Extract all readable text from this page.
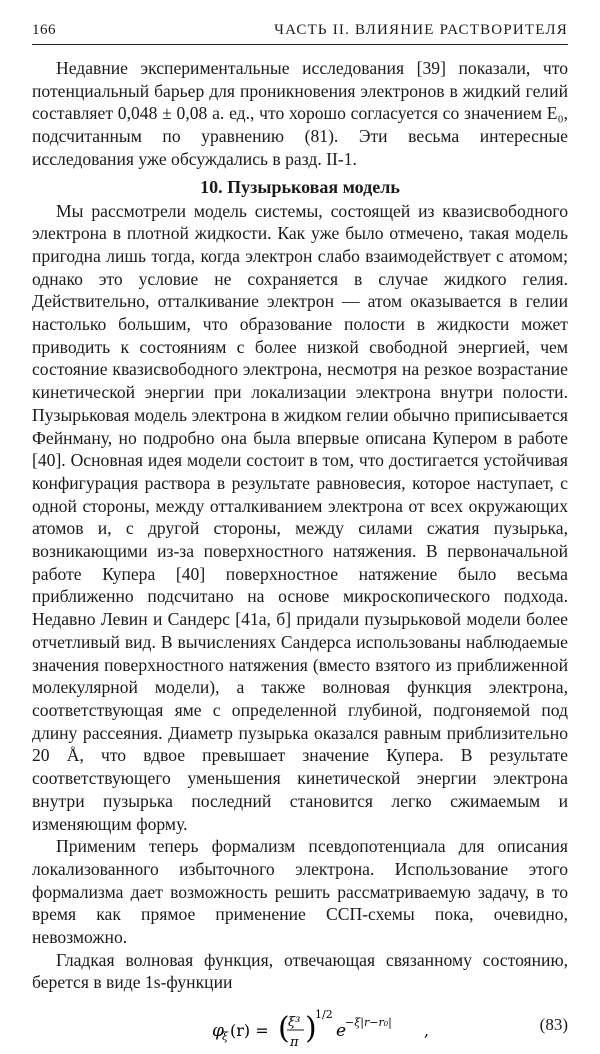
166	ЧАСТЬ II. ВЛИЯНИЕ РАСТВОРИТЕЛЯ

Недавние экспериментальные исследования [39] показали, что потенциальный барьер для проникновения электронов в жидкий гелий составляет 0,048 ± 0,08 а. ед., что хорошо согласуется со значением E₀, подсчитанным по уравнению (81). Эти весьма интересные исследования уже обсуждались в разд. II-1.

10. Пузырьковая модель

Мы рассмотрели модель системы, состоящей из квазисвободного электрона в плотной жидкости. Как уже было отмечено, такая модель пригодна лишь тогда, когда электрон слабо взаимодействует с атомом; однако это условие не сохраняется в случае жидкого гелия. Действительно, отталкивание электрон — атом оказывается в гелии настолько большим, что образование полости в жидкости может приводить к состояниям с более низкой свободной энергией, чем состояние квазисвободного электрона, несмотря на резкое возрастание кинетической энергии при локализации электрона внутри полости. Пузырьковая модель электрона в жидком гелии обычно приписывается Фейнману, но подробно она была впервые описана Купером в работе [40]. Основная идея модели состоит в том, что достигается устойчивая конфигурация раствора в результате равновесия, которое наступает, с одной стороны, между отталкиванием электрона от всех окружающих атомов и, с другой стороны, между силами сжатия пузырька, возникающими из-за поверхностного натяжения. В первоначальной работе Купера [40] поверхностное натяжение было весьма приближенно подсчитано на основе микроскопического подхода. Недавно Левин и Сандерс [41а, б] придали пузырьковой модели более отчетливый вид. В вычислениях Сандерса использованы наблюдаемые значения поверхностного натяжения (вместо взятого из приближенной молекулярной модели), а также волновая функция электрона, соответствующая яме с определенной глубиной, подгоняемой под длину рассеяния. Диаметр пузырька оказался равным приблизительно 20 Å, что вдвое превышает значение Купера. В результате соответствующего уменьшения кинетической энергии электрона внутри пузырька последний становится легко сжимаемым и изменяющим форму.

Применим теперь формализм псевдопотенциала для описания локализованного избыточного электрона. Использование этого формализма дает возможность решить рассматриваемую задачу, в то время как прямое применение ССП-схемы пока, очевидно, невозможно.

Гладкая волновая функция, отвечающая связанному состоянию, берется в виде 1s-функции

φ
ξ (r) = (
ξ³
π )
1/2
e
−ξ|r−r₀| ,	(83)
